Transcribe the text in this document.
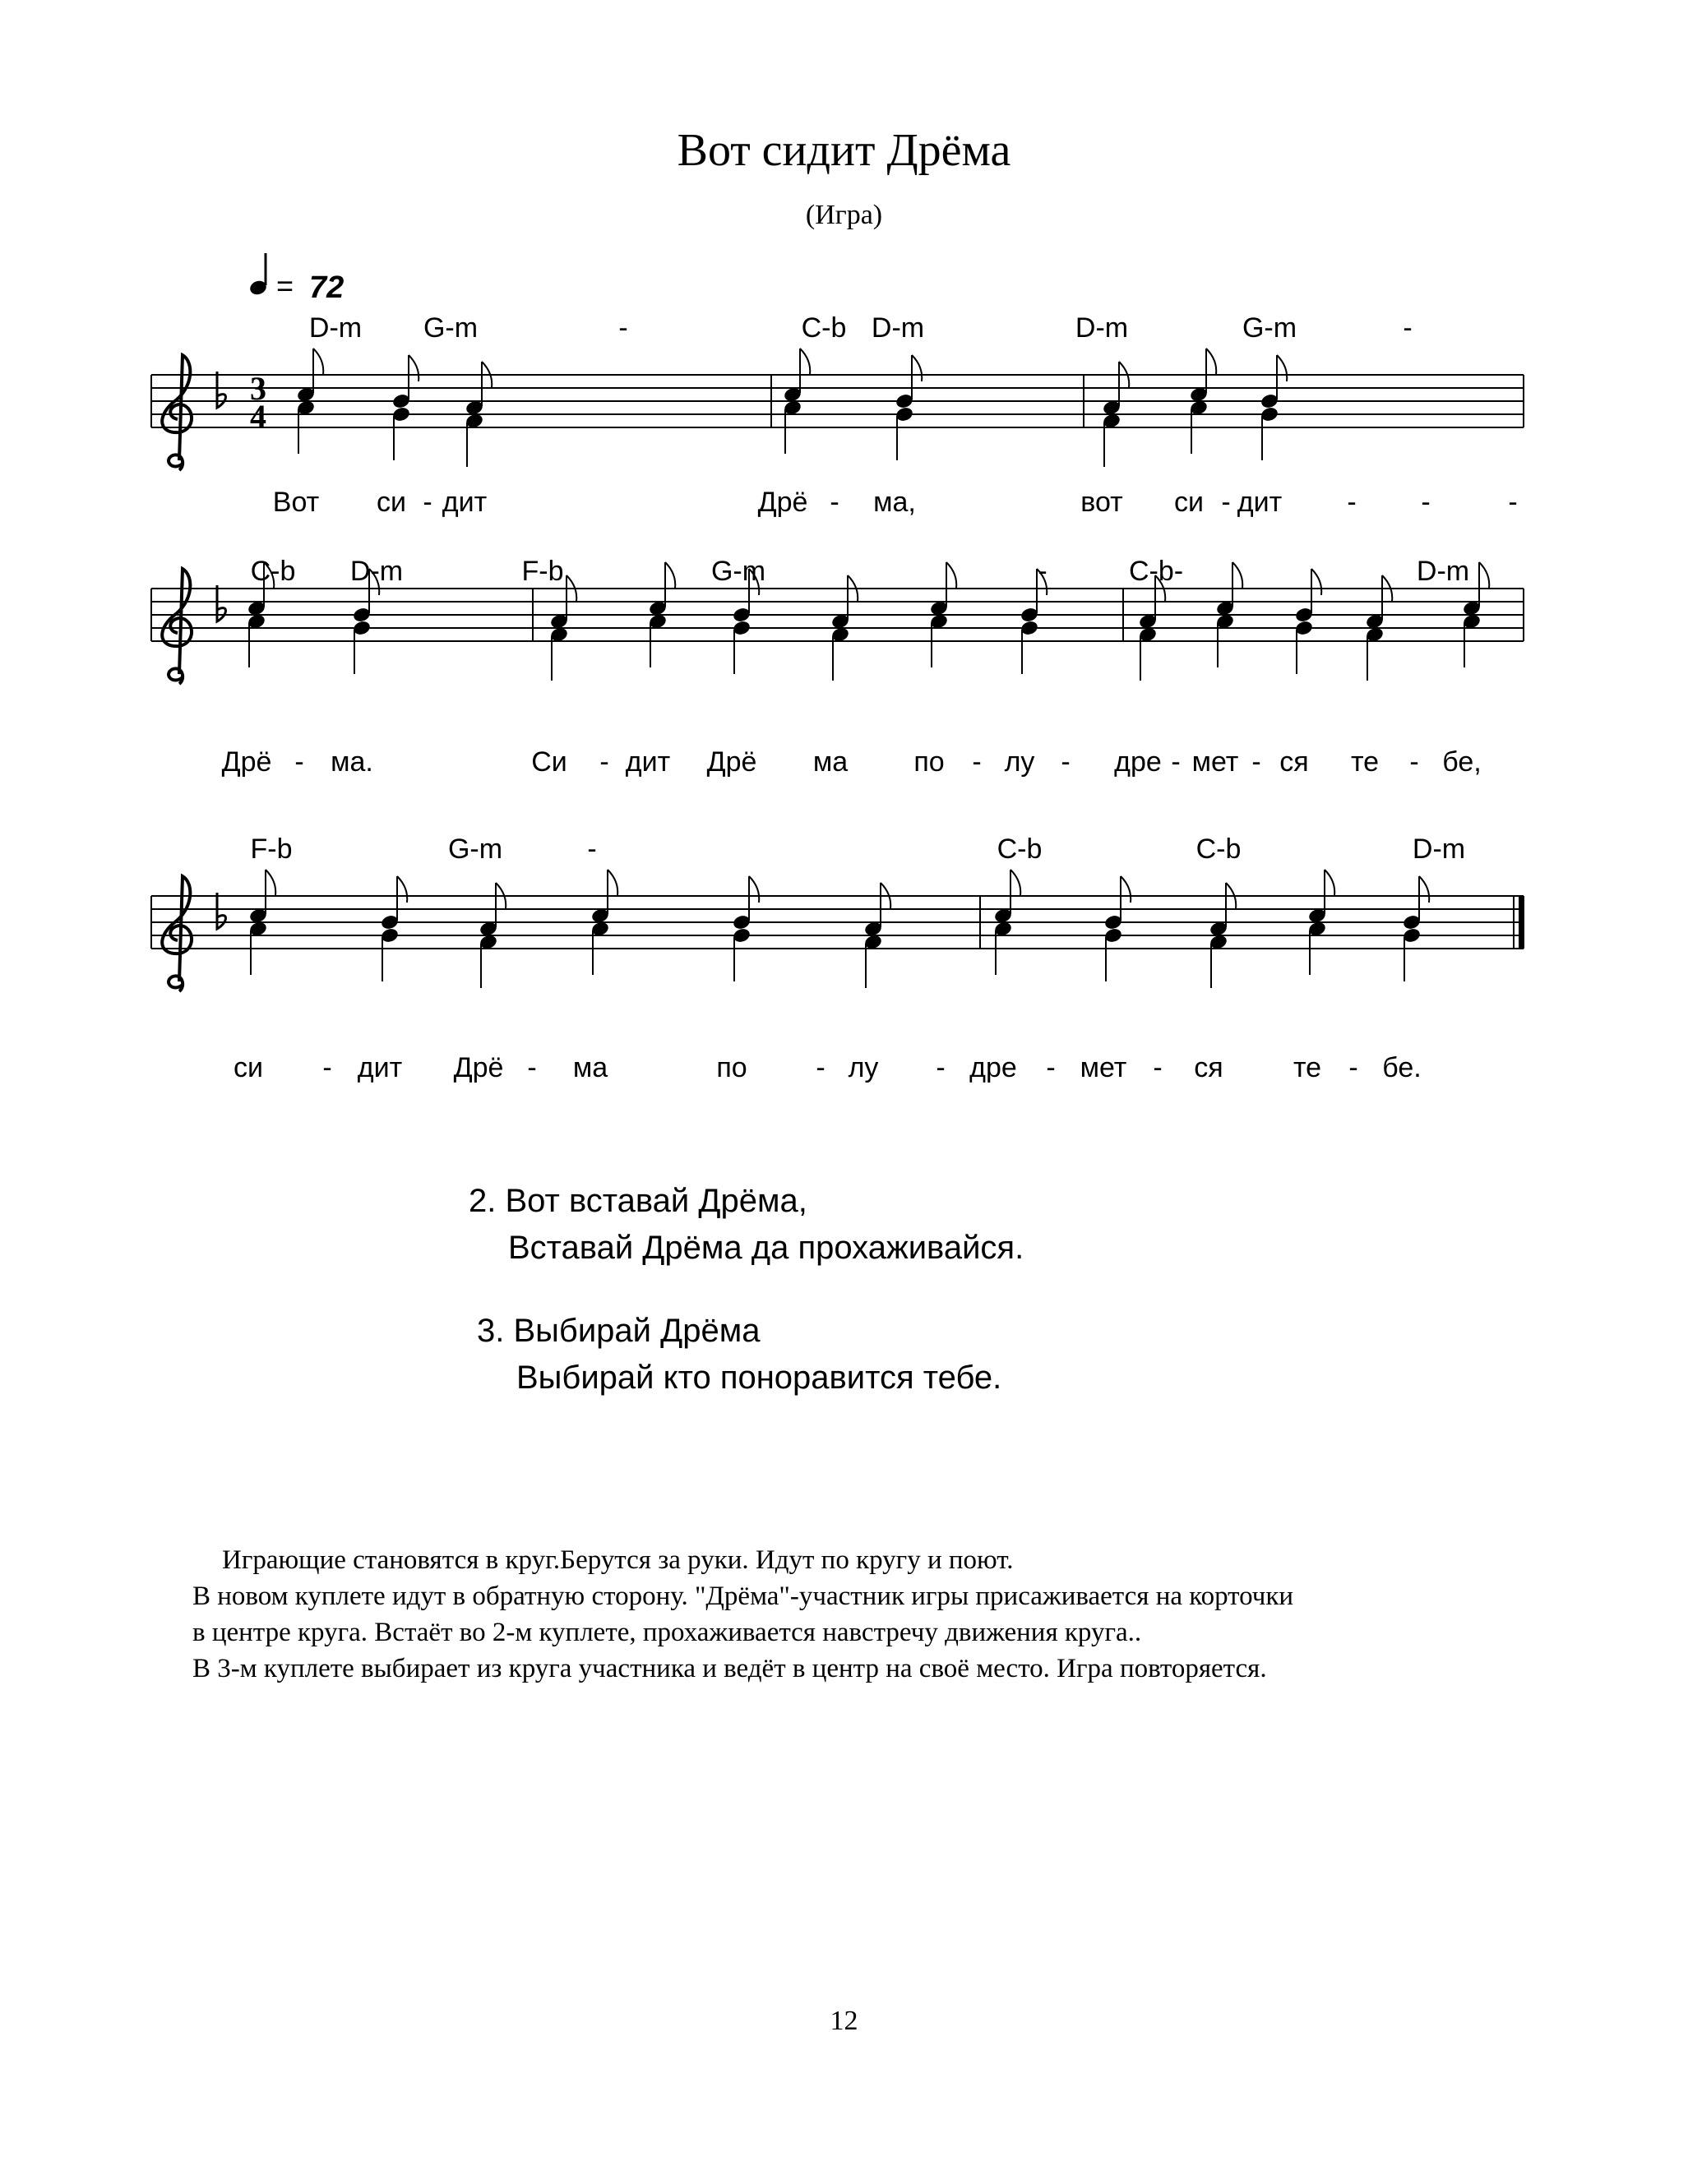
Вот сидит Дрёма
(Игра)
= 72
3
4
D-m G-m	-	C-b D-m	D-m	G-m	-
Вот си - дит	Дрё - ма,	вот си - дит - -	-
C-b D-m	F-b	G-m	-	C-b-	D-m
Дрё - ма.	Си - дит Дрё ма по - лу - дре - мет - ся те - бе,
F-b	G-m	-	C-b	C-b	D-m
си - дит Дрё - ма	по - лу - дре - мет - ся	те - бе.
2. Вот вставай Дрёма,
Вставай Дрёма да прохаживайся.
3. Выбирай Дрёма
Выбирай кто поноравится тебе.
Играющие становятся в круг.Берутся за руки. Идут по кругу и поют.
В новом куплете идут в обратную сторону. "Дрёма"-участник игры присаживается на корточки
в центре круга. Встаёт во 2-м куплете, прохаживается навстречу движения круга..
В 3-м куплете выбирает из круга участника и ведёт в центр на своё место. Игра повторяется.
12
